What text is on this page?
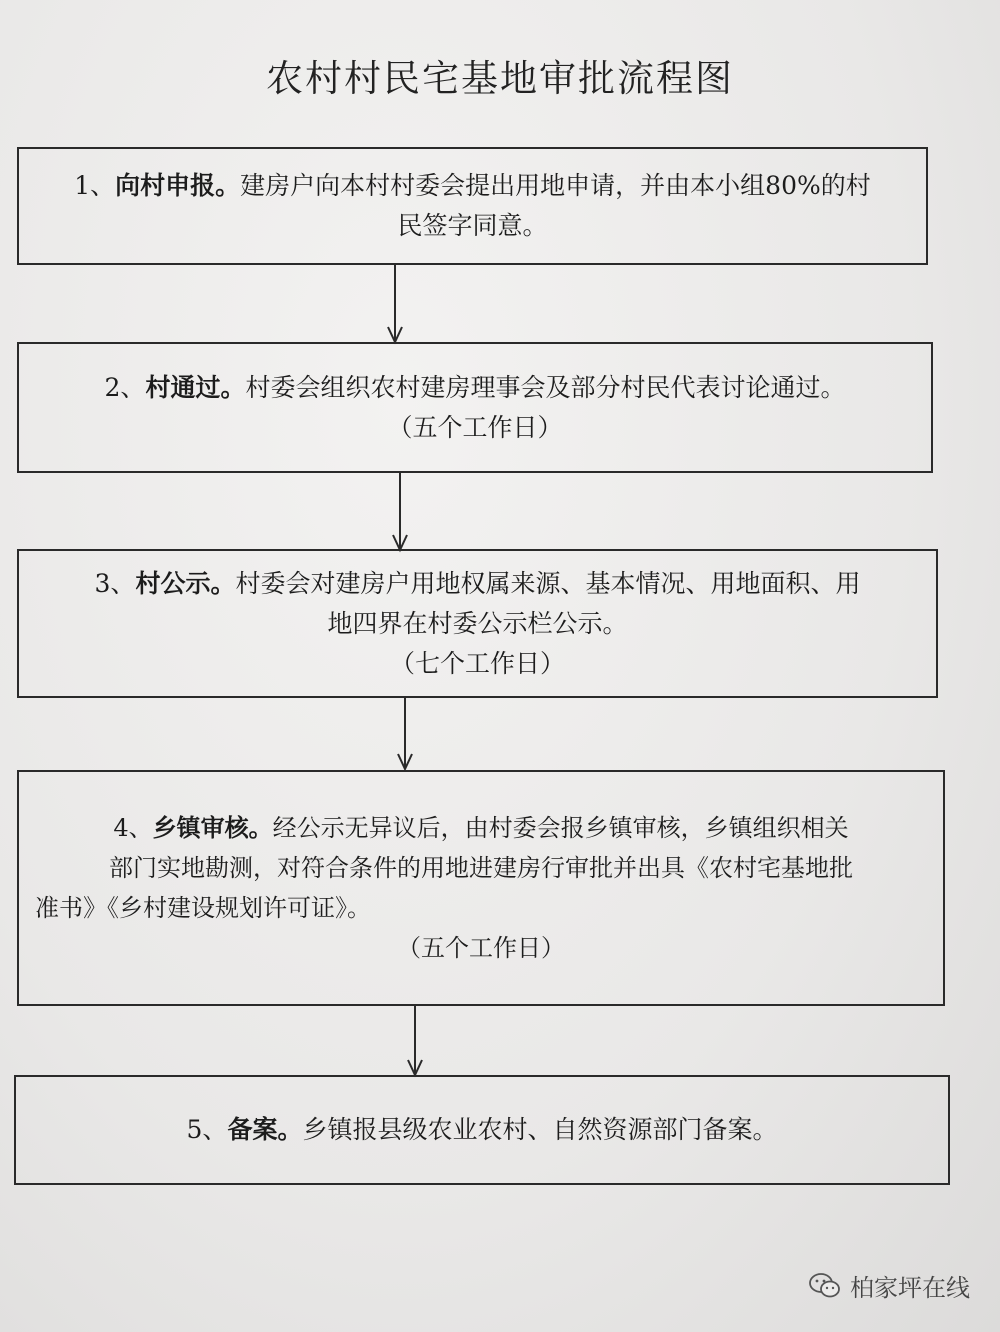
农村村民宅基地审批流程图
1、向村申报。建房户向本村村委会提出用地申请，并由本小组80%的村
民签字同意。
2、村通过。村委会组织农村建房理事会及部分村民代表讨论通过。
（五个工作日）
3、村公示。村委会对建房户用地权属来源、基本情况、用地面积、用
地四界在村委公示栏公示。
（七个工作日）
4、乡镇审核。经公示无异议后，由村委会报乡镇审核，乡镇组织相关
部门实地勘测，对符合条件的用地进建房行审批并出具《农村宅基地批
准书》《乡村建设规划许可证》。
（五个工作日）
5、备案。乡镇报县级农业农村、自然资源部门备案。
柏家坪在线
